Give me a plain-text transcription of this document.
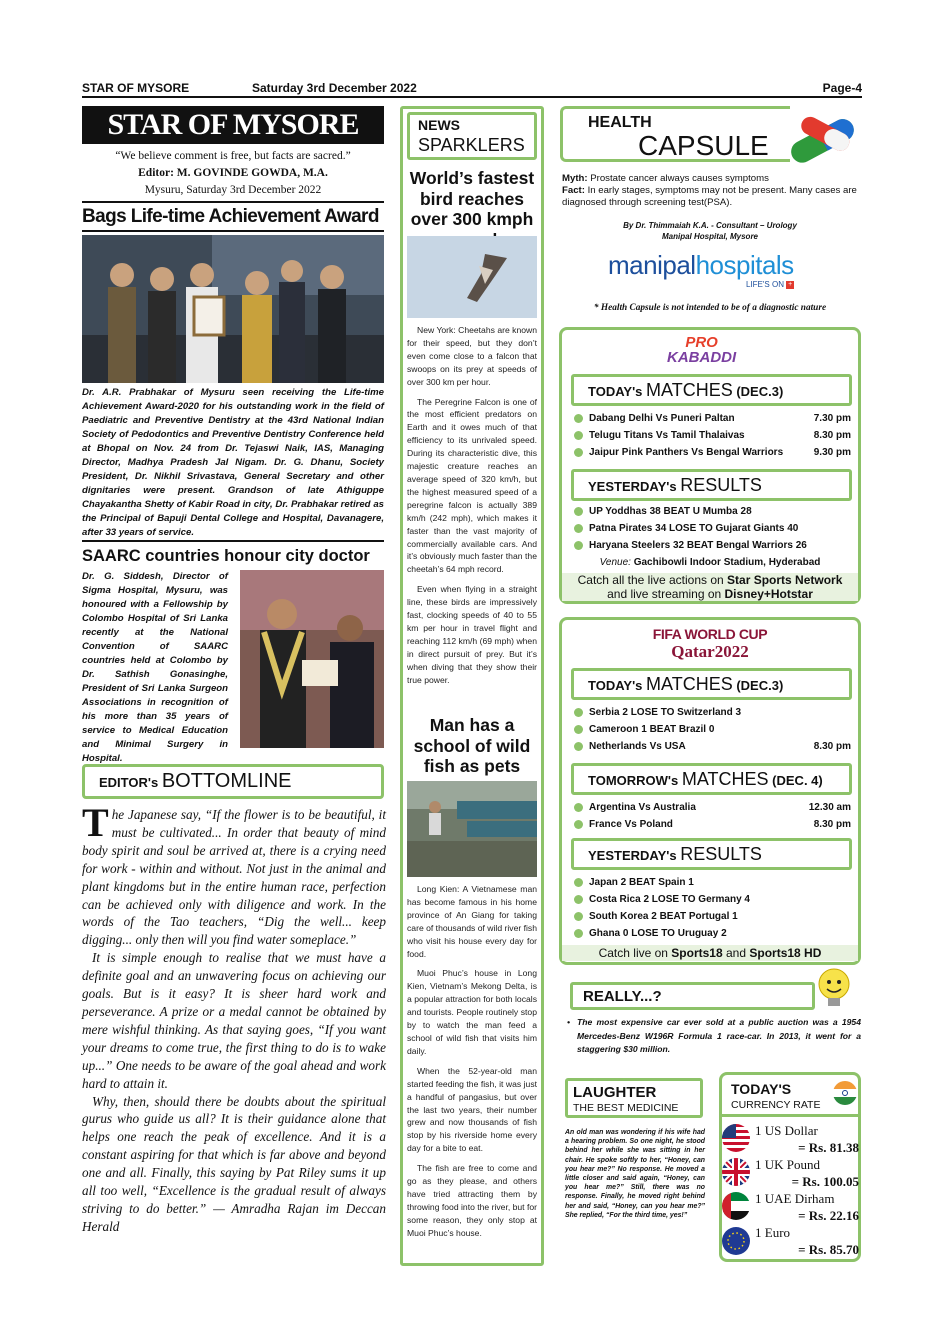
STAR OF MYSORE	Saturday 3rd December 2022	Page-4
STAR OF MYSORE
“We believe comment is free, but facts are sacred.”
Editor: M. GOVINDE GOWDA, M.A.
Mysuru, Saturday 3rd December 2022
Bags Life-time Achievement Award
Dr. A.R. Prabhakar of Mysuru seen receiving the Life-time Achievement Award-2020 for his outstanding work in the field of Paediatric and Preventive Dentistry at the 43rd National Indian Society of Pedodontics and Preventive Dentistry Conference held at Bhopal on Nov. 24 from Dr. Tejaswi Naik, IAS, Managing Director, Madhya Pradesh Jal Nigam. Dr. G. Dhanu, Society President, Dr. Nikhil Srivastava, General Secretary and other dignitaries were present. Grandson of late Athiguppe Chayakantha Shetty of Kabir Road in city, Dr. Prabhakar retired as the Principal of Bapuji Dental College and Hospital, Davanagere, after 33 years of service.
SAARC countries honour city doctor
Dr. G. Siddesh, Director of Sigma Hospital, Mysuru, was honoured with a Fellowship by Colombo Hospital of Sri Lanka recently at the National Convention of SAARC countries held at Colombo by Dr. Sathish Gonasinghe, President of Sri Lanka Surgeon Associations in recognition of his more than 35 years of service to Medical Education and Minimal Surgery in Hospital.
EDITOR's BOTTOMLINE

The Japanese say, “If the flower is to be beautiful, it must be cultivated... In order that beauty of mind body spirit and soul be arrived at, there is a crying need for work - within and without. Not just in the animal and plant kingdoms but in the entire human race, perfection can be achieved only with diligence and work. In the words of the Tao teachers, “Dig the well... keep digging... only then will you find water someplace.”

It is simple enough to realise that we must have a definite goal and an unwavering focus on achieving our goals. But is it easy? It is sheer hard work and perseverance. A prize or a medal cannot be obtained by mere wishful thinking. As that saying goes, “If you want your dreams to come true, the first thing to do is to wake up...” One needs to be aware of the goal ahead and work hard to attain it.

Why, then, should there be doubts about the spiritual gurus who guide us all? It is their guidance alone that helps one reach the peak of excellence. And it is a constant aspiring for that which is far above and beyond one and all. Finally, this saying by Pat Riley sums it up all too well, “Excellence is the gradual result of always striving to do better.” — Amradha Rajan im Deccan Herald

NEWS
SPARKLERS
World’s fastest bird reaches over 300 kmph

New York: Cheetahs are known for their speed, but they don’t even come close to a falcon that swoops on its prey at speeds of over 300 km per hour.

The Peregrine Falcon is one of the most efficient predators on Earth and it owes much of that efficiency to its unrivaled speed. During its characteristic dive, this majestic creature reaches an average speed of 320 km/h, but the highest measured speed of a peregrine falcon is actually 389 km/h (242 mph), which makes it faster than the vast majority of commercially available cars. And it’s obviously much faster than the cheetah’s 64 mph record.

Even when flying in a straight line, these birds are impressively fast, clocking speeds of 40 to 55 km per hour in travel flight and reaching 112 km/h (69 mph) when in direct pursuit of prey. But it’s when diving that they show their true power.

Man has a school of wild fish as pets

Long Kien: A Vietnamese man has become famous in his home province of An Giang for taking care of thousands of wild river fish who visit his house every day for food.

Muoi Phuc’s house in Long Kien, Vietnam’s Mekong Delta, is a popular attraction for both locals and tourists. People routinely stop by to watch the man feed a school of wild fish that visits him daily.

When the 52-year-old man started feeding the fish, it was just a handful of pangasius, but over the last two years, their number grew and now thousands of fish stop by his riverside home every day for a bite to eat.

The fish are free to come and go as they please, and others have tried attracting them by throwing food into the river, but for some reason, they only stop at Muoi Phuc’s house.

HEALTH
CAPSULE
Myth: Prostate cancer always causes symptoms
Fact: In early stages, symptoms may not be present. Many cases are diagnosed through screening test(PSA).
By Dr. Thimmaiah K.A. - Consultant – Urology
Manipal Hospital, Mysore
manipalhospitals
LIFE'S ON +
* Health Capsule is not intended to be of a diagnostic nature
PRO
KABADDI
TODAY's MATCHES (DEC.3)
Dabang Delhi Vs Puneri Paltan	7.30 pm
Telugu Titans Vs Tamil Thalaivas	8.30 pm
Jaipur Pink Panthers Vs Bengal Warriors	9.30 pm
YESTERDAY's RESULTS
UP Yoddhas 38 BEAT U Mumba 28
Patna Pirates 34 LOSE TO Gujarat Giants 40
Haryana Steelers 32 BEAT Bengal Warriors 26
Venue: Gachibowli Indoor Stadium, Hyderabad
Catch all the live actions on Star Sports Network
and live streaming on Disney+Hotstar
FIFA WORLD CUP
Qatar2022
TODAY's MATCHES (DEC.3)
Serbia 2 LOSE TO Switzerland 3
Cameroon 1 BEAT Brazil 0
Netherlands Vs USA	8.30 pm
TOMORROW's MATCHES (DEC. 4)
Argentina Vs Australia	12.30 am
France Vs Poland	8.30 pm
YESTERDAY's RESULTS
Japan 2 BEAT Spain 1
Costa Rica 2 LOSE TO Germany 4
South Korea 2 BEAT Portugal 1
Ghana 0 LOSE TO Uruguay 2
Catch live on Sports18 and Sports18 HD
REALLY...?
• The most expensive car ever sold at a public auction was a 1954 Mercedes-Benz W196R Formula 1 race-car. In 2013, it went for a staggering $30 million.
LAUGHTER
THE BEST MEDICINE
An old man was wondering if his wife had a hearing problem. So one night, he stood behind her while she was sitting in her chair. He spoke softly to her, “Honey, can you hear me?” No response. He moved a little closer and said again, “Honey, can you hear me?” Still, there was no response. Finally, he moved right behind her and said, “Honey, can you hear me?” She replied, “For the third time, yes!”
TODAY'S
CURRENCY RATE
1 US Dollar
= Rs. 81.38
1 UK Pound
= Rs. 100.05
1 UAE Dirham
= Rs. 22.16
1 Euro
= Rs. 85.70
